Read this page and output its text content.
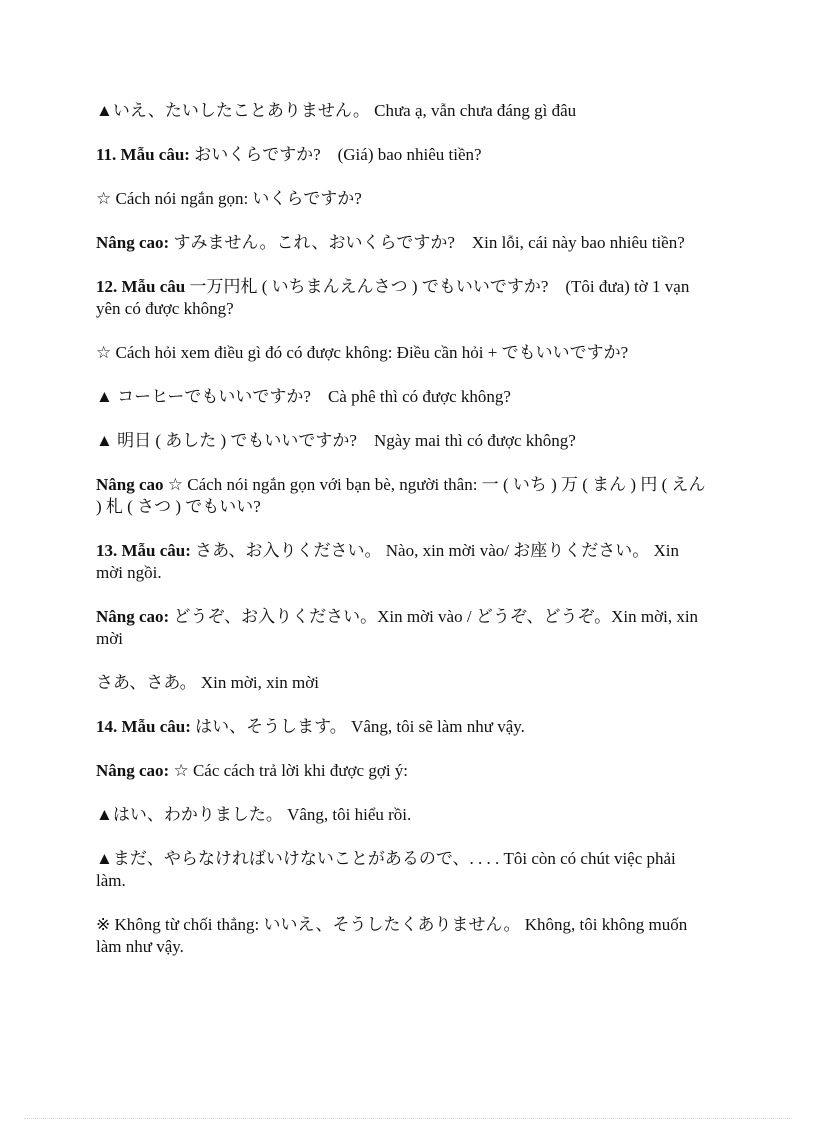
▲いえ、たいしたことありません。 Chưa ạ, vẫn chưa đáng gì đâu

11. Mẫu câu: おいくらですか?　(Giá) bao nhiêu tiền?

☆ Cách nói ngắn gọn: いくらですか?

Nâng cao: すみません。これ、おいくらですか?　Xin lỗi, cái này bao nhiêu tiền?

12. Mẫu câu 一万円札 ( いちまんえんさつ ) でもいいですか?　(Tôi đưa) tờ 1 vạn yên có được không?

☆ Cách hỏi xem điều gì đó có được không: Điều cần hỏi + でもいいですか?

▲ コーヒーでもいいですか?　Cà phê thì có được không?

▲ 明日 ( あした ) でもいいですか?　Ngày mai thì có được không?

Nâng cao ☆ Cách nói ngắn gọn với bạn bè, người thân: 一 ( いち ) 万 ( まん ) 円 ( えん ) 札 ( さつ ) でもいい?

13. Mẫu câu: さあ、お入りください。 Nào, xin mời vào/ お座りください。 Xin mời ngồi.

Nâng cao: どうぞ、お入りください。Xin mời vào / どうぞ、どうぞ。Xin mời, xin mời

さあ、さあ。 Xin mời, xin mời

14. Mẫu câu: はい、そうします。 Vâng, tôi sẽ làm như vậy.

Nâng cao: ☆ Các cách trả lời khi được gợi ý:

▲はい、わかりました。 Vâng, tôi hiểu rồi.

▲まだ、やらなければいけないことがあるので、. . . . Tôi còn có chút việc phải làm.

※ Không từ chối thẳng: いいえ、そうしたくありません。 Không, tôi không muốn làm như vậy.
